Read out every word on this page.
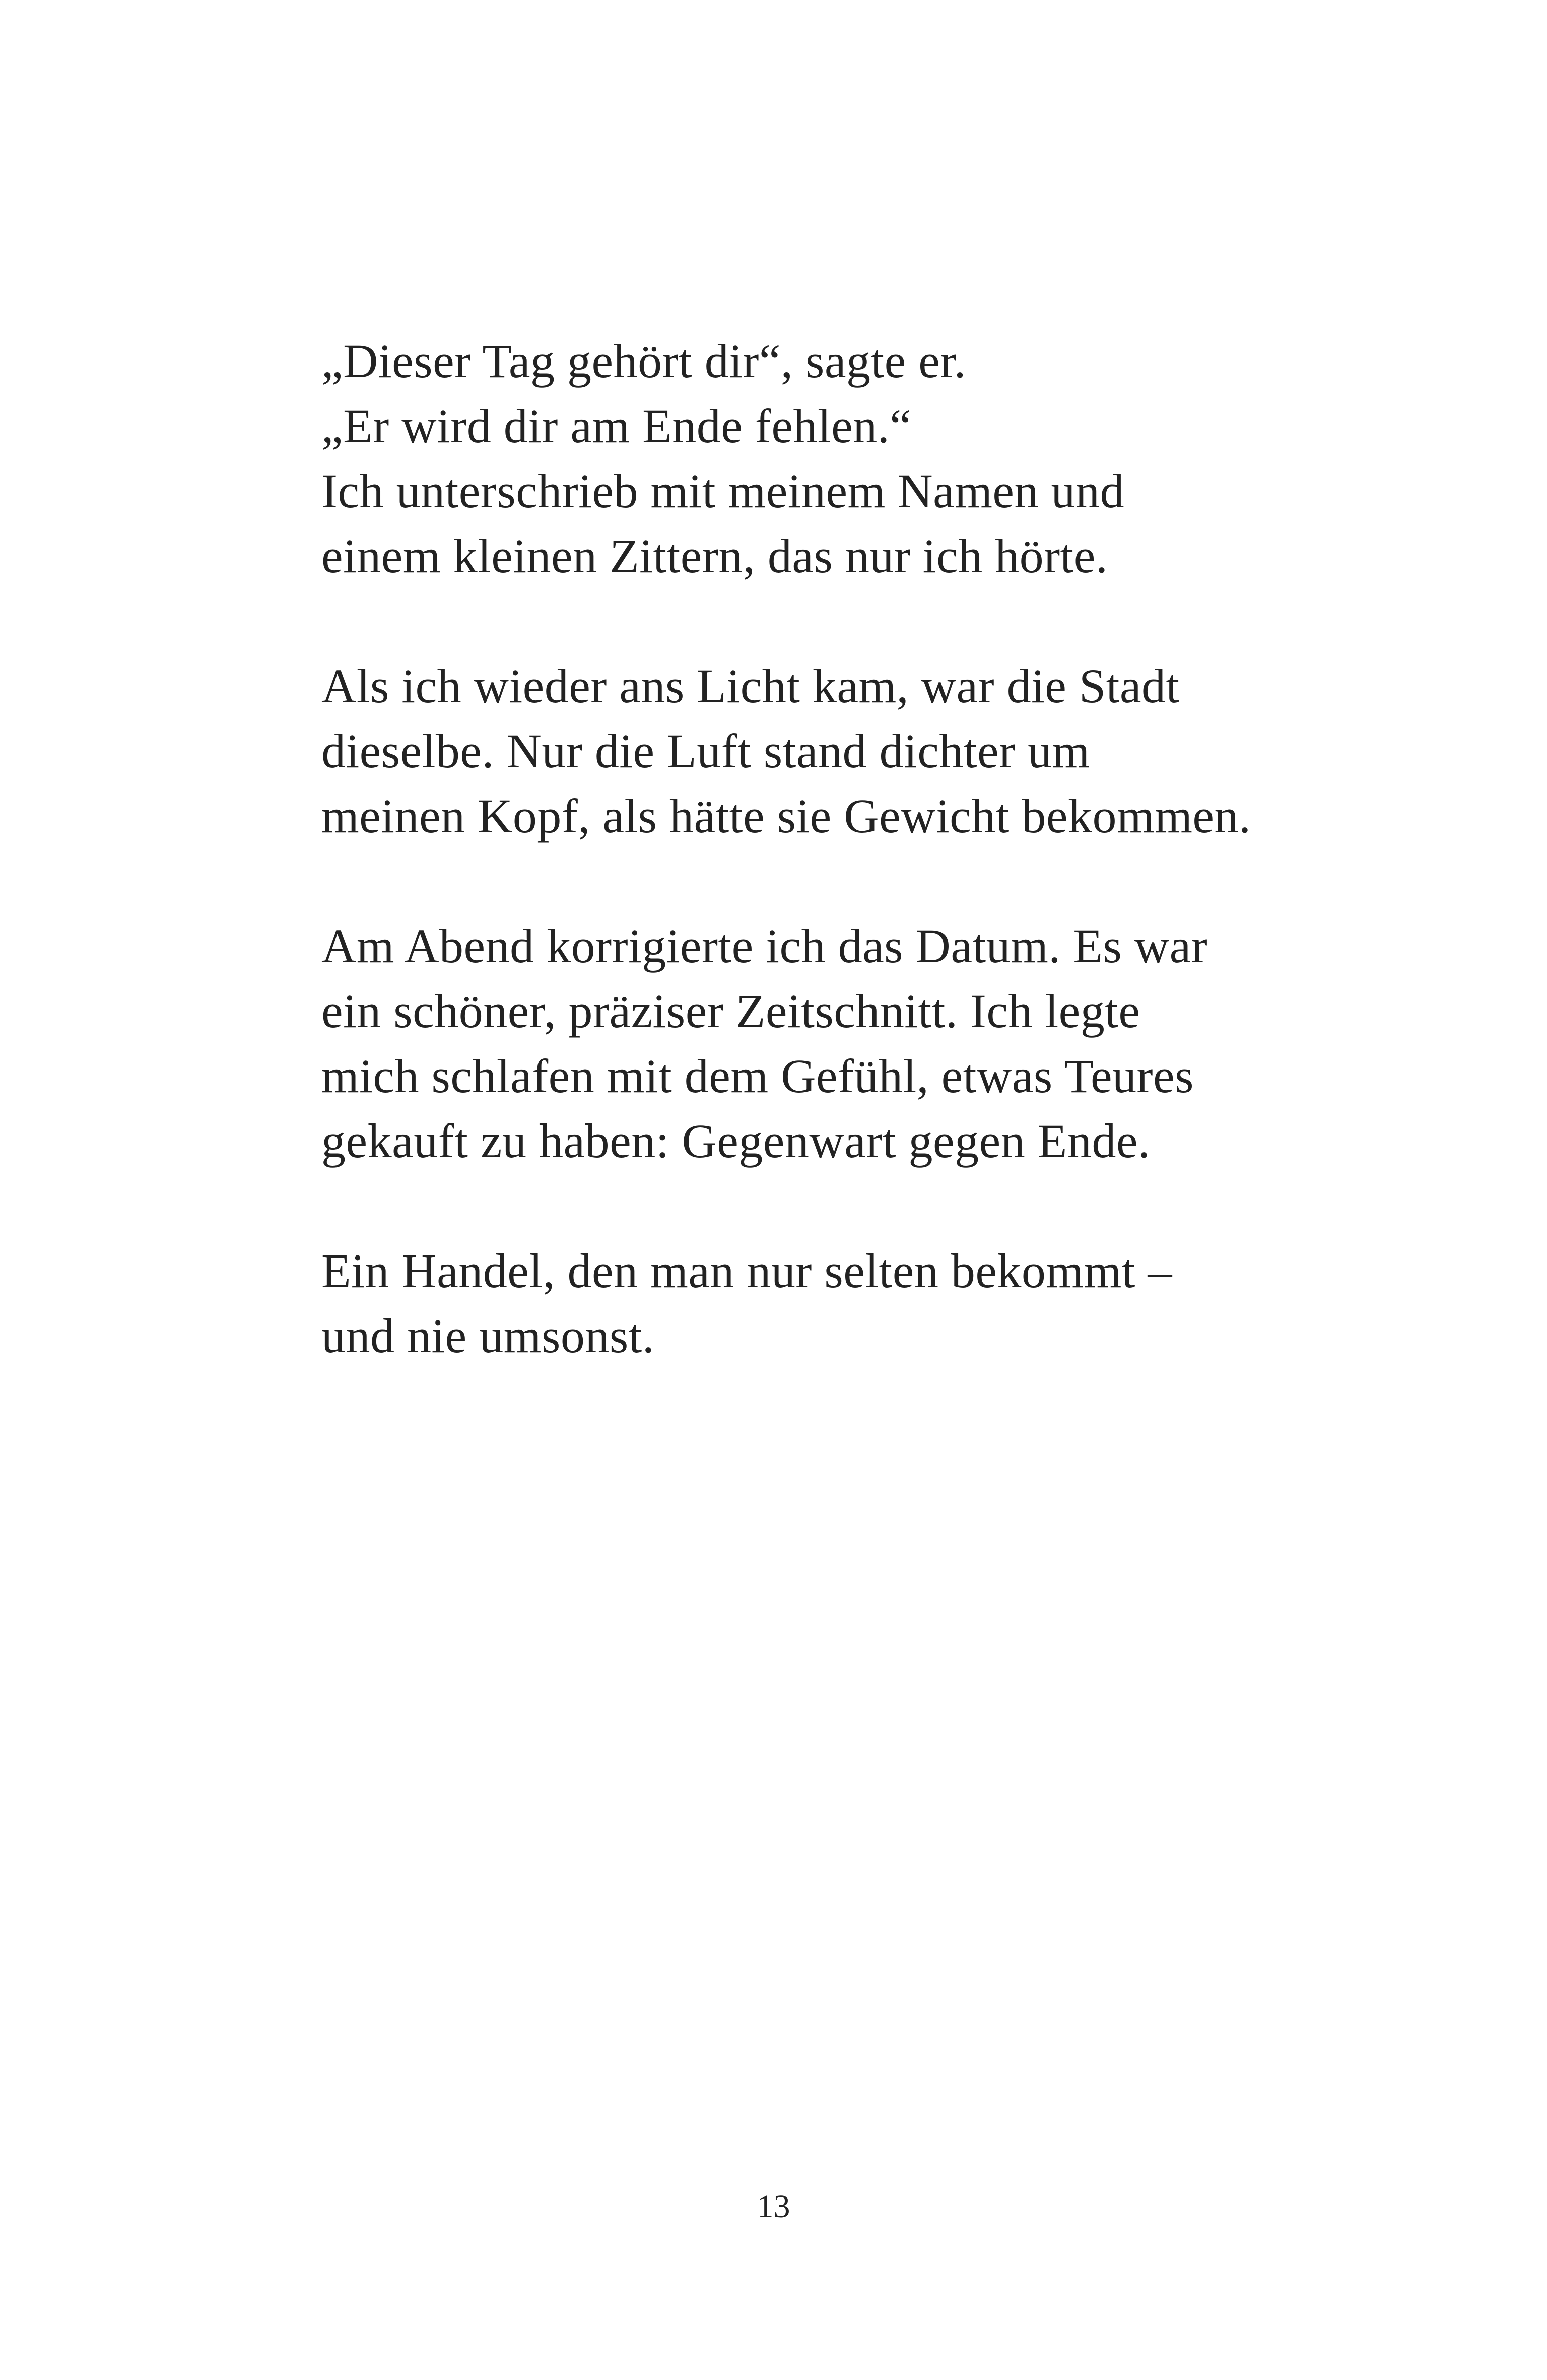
„Dieser Tag gehört dir“, sagte er.
„Er wird dir am Ende fehlen.“
Ich unterschrieb mit meinem Namen und
einem kleinen Zittern, das nur ich hörte.

Als ich wieder ans Licht kam, war die Stadt
dieselbe. Nur die Luft stand dichter um
meinen Kopf, als hätte sie Gewicht bekommen.

Am Abend korrigierte ich das Datum. Es war
ein schöner, präziser Zeitschnitt. Ich legte
mich schlafen mit dem Gefühl, etwas Teures
gekauft zu haben: Gegenwart gegen Ende.

Ein Handel, den man nur selten bekommt –
und nie umsonst.

13
